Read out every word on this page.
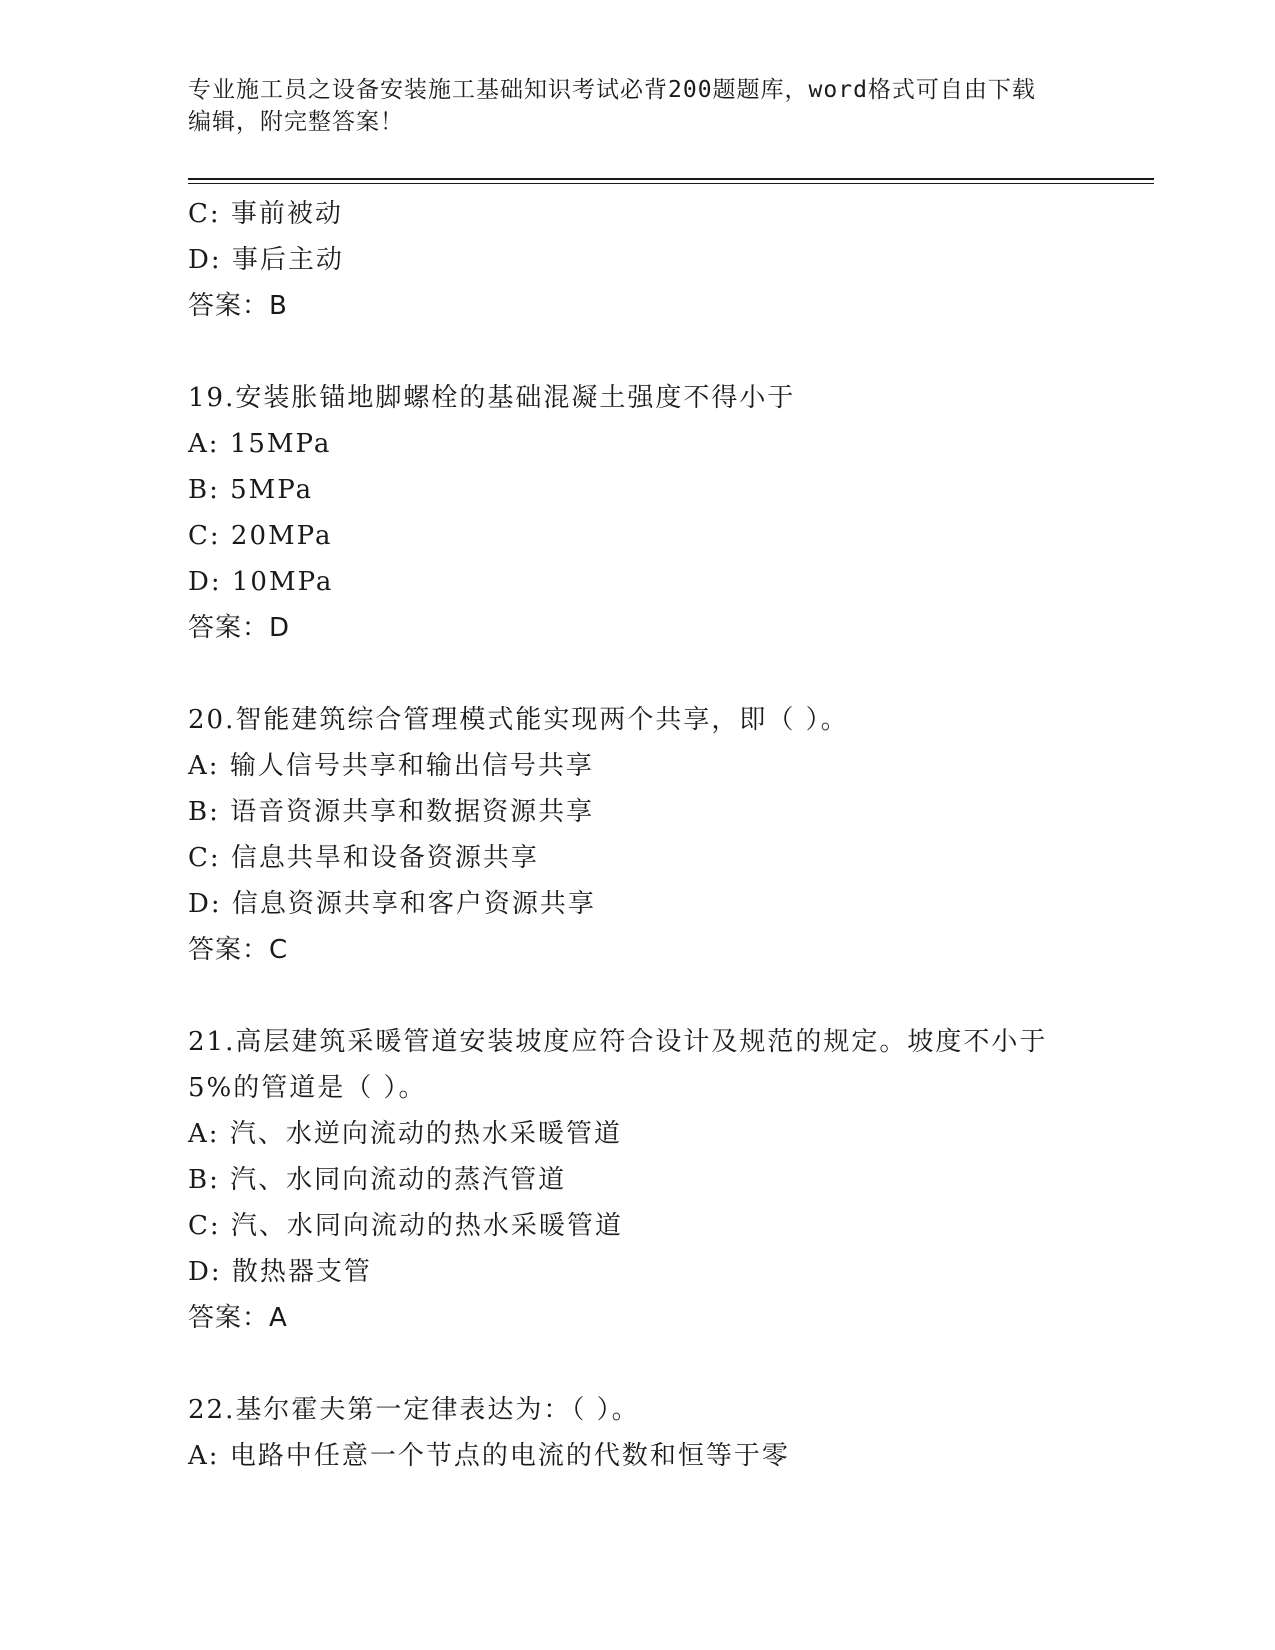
专业施工员之设备安装施工基础知识考试必背200题题库，word格式可自由下载
编辑，附完整答案！
C: 事前被动
D: 事后主动
答案：B
19.安装胀锚地脚螺栓的基础混凝土强度不得小于
A: 15MPa
B: 5MPa
C: 20MPa
D: 10MPa
答案：D
20.智能建筑综合管理模式能实现两个共享，即（ ）。
A: 输人信号共享和输出信号共享
B: 语音资源共享和数据资源共享
C: 信息共旱和设备资源共享
D: 信息资源共享和客户资源共享
答案：C
21.高层建筑采暖管道安装坡度应符合设计及规范的规定。坡度不小于
5%的管道是（ ）。
A: 汽、水逆向流动的热水采暖管道
B: 汽、水同向流动的蒸汽管道
C: 汽、水同向流动的热水采暖管道
D: 散热器支管
答案：A
22.基尔霍夫第一定律表达为：（ ）。
A: 电路中任意一个节点的电流的代数和恒等于零
